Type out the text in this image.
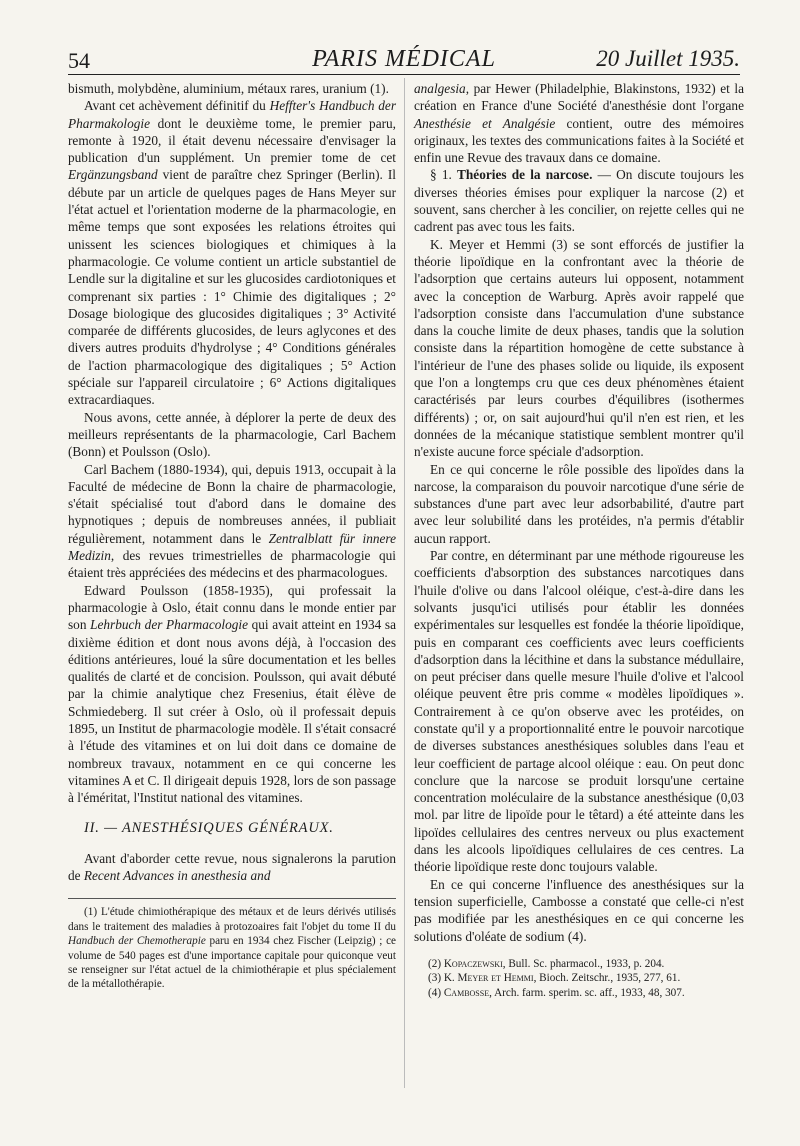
54	PARIS MÉDICAL	20 Juillet 1935.

bismuth, molybdène, aluminium, métaux rares, uranium (1).

Avant cet achèvement définitif du Heffter's Handbuch der Pharmakologie dont le deuxième tome, le premier paru, remonte à 1920, il était devenu nécessaire d'envisager la publication d'un supplément. Un premier tome de cet Ergänzungsband vient de paraître chez Springer (Berlin). Il débute par un article de quelques pages de Hans Meyer sur l'état actuel et l'orientation moderne de la pharmacologie, en même temps que sont exposées les relations étroites qui unissent les sciences biologiques et chimiques à la pharmacologie. Ce volume contient un article substantiel de Lendle sur la digitaline et sur les glucosides cardiotoniques et comprenant six parties : 1° Chimie des digitaliques ; 2° Dosage biologique des glucosides digitaliques ; 3° Activité comparée de différents glucosides, de leurs aglycones et des divers autres produits d'hydrolyse ; 4° Conditions générales de l'action pharmacologique des digitaliques ; 5° Action spéciale sur l'appareil circulatoire ; 6° Actions digitaliques extracardiaques.

Nous avons, cette année, à déplorer la perte de deux des meilleurs représentants de la pharmacologie, Carl Bachem (Bonn) et Poulsson (Oslo).

Carl Bachem (1880-1934), qui, depuis 1913, occupait à la Faculté de médecine de Bonn la chaire de pharmacologie, s'était spécialisé tout d'abord dans le domaine des hypnotiques ; depuis de nombreuses années, il publiait régulièrement, notamment dans le Zentralblatt für innere Medizin, des revues trimestrielles de pharmacologie qui étaient très appréciées des médecins et des pharmacologues.

Edward Poulsson (1858-1935), qui professait la pharmacologie à Oslo, était connu dans le monde entier par son Lehrbuch der Pharmacologie qui avait atteint en 1934 sa dixième édition et dont nous avons déjà, à l'occasion des éditions antérieures, loué la sûre documentation et les belles qualités de clarté et de concision. Poulsson, qui avait débuté par la chimie analytique chez Fresenius, était élève de Schmiedeberg. Il sut créer à Oslo, où il professait depuis 1895, un Institut de pharmacologie modèle. Il s'était consacré à l'étude des vitamines et on lui doit dans ce domaine de nombreux travaux, notamment en ce qui concerne les vitamines A et C. Il dirigeait depuis 1928, lors de son passage à l'éméritat, l'Institut national des vitamines.

II. — ANESTHÉSIQUES GÉNÉRAUX.

Avant d'aborder cette revue, nous signalerons la parution de Recent Advances in anesthesia and

(1) L'étude chimiothérapique des métaux et de leurs dérivés utilisés dans le traitement des maladies à protozoaires fait l'objet du tome II du Handbuch der Chemotherapie paru en 1934 chez Fischer (Leipzig) ; ce volume de 540 pages est d'une importance capitale pour quiconque veut se renseigner sur l'état actuel de la chimiothérapie et plus spécialement de la métallothérapie.

analgesia, par Hewer (Philadelphie, Blakinstons, 1932) et la création en France d'une Société d'anesthésie dont l'organe Anesthésie et Analgésie contient, outre des mémoires originaux, les textes des communications faites à la Société et enfin une Revue des travaux dans ce domaine.

§ 1. Théories de la narcose. — On discute toujours les diverses théories émises pour expliquer la narcose (2) et souvent, sans chercher à les concilier, on rejette celles qui ne cadrent pas avec tous les faits.

K. Meyer et Hemmi (3) se sont efforcés de justifier la théorie lipoïdique en la confrontant avec la théorie de l'adsorption que certains auteurs lui opposent, notamment avec la conception de Warburg. Après avoir rappelé que l'adsorption consiste dans l'accumulation d'une substance dans la couche limite de deux phases, tandis que la solution consiste dans la répartition homogène de cette substance à l'intérieur de l'une des phases solide ou liquide, ils exposent que l'on a longtemps cru que ces deux phénomènes étaient caractérisés par leurs courbes d'équilibres (isothermes différents) ; or, on sait aujourd'hui qu'il n'en est rien, et les données de la mécanique statistique semblent montrer qu'il n'existe aucune force spéciale d'adsorption.

En ce qui concerne le rôle possible des lipoïdes dans la narcose, la comparaison du pouvoir narcotique d'une série de substances d'une part avec leur adsorbabilité, d'autre part avec leur solubilité dans les protéides, n'a permis d'établir aucun rapport.

Par contre, en déterminant par une méthode rigoureuse les coefficients d'absorption des substances narcotiques dans l'huile d'olive ou dans l'alcool oléique, c'est-à-dire dans les solvants jusqu'ici utilisés pour établir les données expérimentales sur lesquelles est fondée la théorie lipoïdique, puis en comparant ces coefficients avec leurs coefficients d'adsorption dans la lécithine et dans la substance médullaire, on peut préciser dans quelle mesure l'huile d'olive et l'alcool oléique peuvent être pris comme « modèles lipoïdiques ». Contrairement à ce qu'on observe avec les protéides, on constate qu'il y a proportionnalité entre le pouvoir narcotique de diverses substances anesthésiques solubles dans l'eau et leur coefficient de partage alcool oléique : eau. On peut donc conclure que la narcose se produit lorsqu'une certaine concentration moléculaire de la substance anesthésique (0,03 mol. par litre de lipoïde pour le têtard) a été atteinte dans les lipoïdes cellulaires des centres nerveux ou plus exactement dans les alcools lipoïdiques cellulaires de ces centres. La théorie lipoïdique reste donc toujours valable.

En ce qui concerne l'influence des anesthésiques sur la tension superficielle, Cambosse a constaté que celle-ci n'est pas modifiée par les anesthésiques en ce qui concerne les solutions d'oléate de sodium (4).

(2) Kopaczewski, Bull. Sc. pharmacol., 1933, p. 204.
(3) K. Meyer et Hemmi, Bioch. Zeitschr., 1935, 277, 61.
(4) Cambosse, Arch. farm. sperim. sc. aff., 1933, 48, 307.
